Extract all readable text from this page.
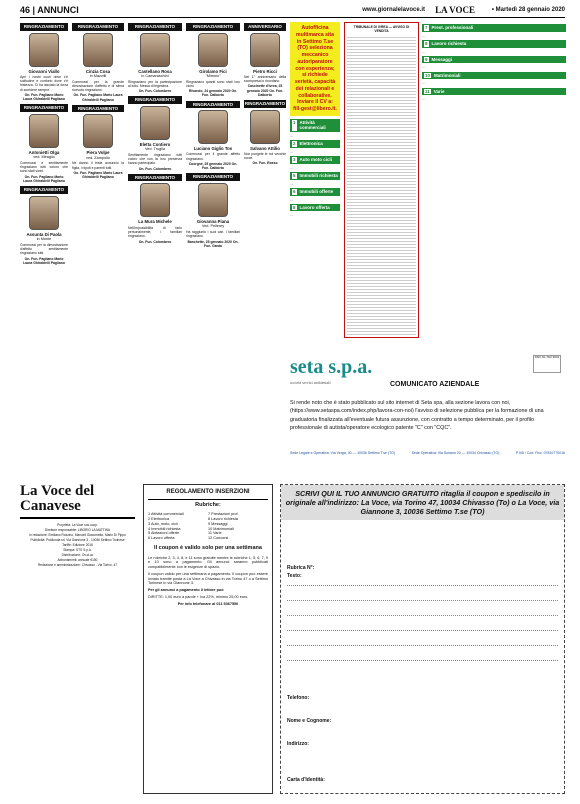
46 | ANNUNCI	www.giornalelavoce.it LA VOCE	• Martedì 28 gennaio 2020
RINGRAZIAMENTO
Giovanni Viallo
Aprì i nostri cuori dove c'è solitudine e conforto dove c'è tristezza. Ci ha lasciato la forza di sorridere sempre.
On. Fun. Pagliano Mario Laura Ghiraldelli Pagliano
RINGRAZIAMENTO
Antonietti Olga
ved. Miraglio
Commossi e sentitamente ringraziano tutti coloro che sono stati vicini.
On. Fun. Pagliano Mario Laura Ghiraldelli Pagliano
RINGRAZIAMENTO
Assunta Di Paola
in Monte
Commossi per la dimostrazione d'affetto sentitamente ringraziano tutti.
On. Fun. Pagliano Mario Laura Ghiraldelli Pagliano
RINGRAZIAMENTO
Cinzia Cosa
in Mazzilli
Commossi per la grande dimostrazione d'affetto e di stima ricevuta ringraziano.
On. Fun. Pagliano Mario Laura Ghiraldelli Pagliano
RINGRAZIAMENTO
Piera Volpe
ved. Zampollo
Ne danno il triste annuncio la figlia, i nipoti e parenti tutti.
On. Fun. Pagliano Mario Laura Ghiraldelli Pagliano
RINGRAZIAMENTO
Castellano Rosa
in Camaraschini
Ringraziano per la partecipazione al lutto. Messa di trigesima.
On. Fun. Colombero
RINGRAZIAMENTO
Eletta Contiero
Ved. Truglia
Sentitamente ringraziano tutti coloro che con la loro presenza hanno partecipato.
On. Fun. Colombero
RINGRAZIAMENTO
La Mura Michele
Nell'impossibilità di farlo personalmente, i familiari ringraziano.
On. Fun. Colombero
RINGRAZIAMENTO
Girolamo Fici
"Mimmo"
Ringraziano quanti sono stati loro vicini.
Rivarolo, 24 gennaio 2020 On. Fun. Dalborto
RINGRAZIAMENTO
Luciano Giglio Tos
Commossi per il grande affetto ringraziano.
Cuorgnè, 25 gennaio 2020 On. Fun. Dalborto
RINGRAZIAMENTO
Giovanna Piana
Ved. Pellerey
Ha raggiunto i suoi cari. I familiari ringraziano.
Banchette, 25 gennaio 2020 On. Fun. Garda
ANNIVERSARIO
Pietro Ricci
Nel 1° anniversario della scomparsa lo ricordano.
Cascinette d'Ivrea, 25 gennaio 2020 On. Fun. Dalborto
RINGRAZIAMENTO
Salvano Attilio
Non pungete le noi vecchie rocce.
On. Fun. Rosso
Autofficina multimarca sita in Settimo T.se (TO) seleziona meccanico autoriparatore con esperienza; si richiede serietà, capacità dei relazionali e collaborative. Inviare il CV a: fill-gest@libero.it.
1 Attività commerciali
…
2 Elettronica
…
3 Auto moto cicli
…
5 Immobili richiesta
…
6 Immobili offerte
…
8 Lavoro offerta
…
TRIBUNALE DI IVREA — AVVISO DI VENDITA
7 Prest. professionali
…
8 Lavoro richiesta
…
9 Messaggi
…
10 Matrimoniali
…
11 Varie
…
seta s.p.a.
società servizi ambientali
DNV·GL ISO 9001
COMUNICATO AZIENDALE
Si rende noto che è stato pubblicato sul sito internet di Seta spa, alla sezione lavora con noi, (https://www.setaspa.com/index.php/lavora-con-noi) l'avviso di selezione pubblica per la formazione di una graduatoria finalizzata all'eventuale futura assunzione, con contratto a tempo determinato, per il profilo professionale di autista/operatore ecologico patente "C" con "CQC".
Sede Legale e Operativa: Via Verga, 40 — 10036 Settimo T.se (TO)	Sede Operativa: Via Soriano 20 — 10034 Chivasso (TO)	P.IVA / Cod. Fisc. 07810770016
La Voce del Canavese
Proprietà: La Voce soc.coop.
Direttore responsabile: LIBORIO LA MATTINA
In redazione: Emiliano Rozzino, Manuell Giacometto, Mario Di Pippo
Pubblicità: Publionda srl, Via Giannone 3 - 10036 Settimo Torinese
Tariffe: Edizione 2016
Stampa: STS S.p.A.
Distribuzione: Ov.ct.co
Abbonamenti: annuale €150
Redazione e amministrazione: Chivasso - Via Torino, 47
REGOLAMENTO INSERZIONI
Rubriche:
1 Attività commerciali	7 Prestazioni prof.
2 Elettronica	8 Lavoro richiesta
3 Auto, moto, cicli	9 Messaggi
4 Immobili richiesta	10 Matrimoniali
5 Abitazioni offerte	11 Varie
6 Lavoro offerta	12 Concorsi
Il coupon è valido solo per una settimana
Le rubriche 2, 3, 4, 8, e 11 sono gratuite mentre le rubriche 1, 5, 6, 7, 9 e 10 sono a pagamento. Gli annunci saranno pubblicati compatibilmente con le esigenze di spazio.
Il coupon valido per una settimana a pagamento. Il coupon può essere inviato tramite posta a La Voce a Chivasso in via Torino 47 o a Settimo Torinese in via Giannone 3.
Per gli annunci a pagamento il lettore può
DIRITTE: 1,00 euro a parole + Iva 22%, minimo 25,00 euro.
Per info telefonare al 011 5367550
SCRIVI QUI IL TUO ANNUNCIO GRATUITO ritaglia il coupon e spediscilo in originale all'indirizzo: La Voce, via Torino 47, 10034 Chivasso (To) o La Voce, via Giannone 3, 10036 Settimo T.se (TO)
Rubrica N°:
Testo:
Telefono:
Nome e Cognome:
Indirizzo:
Carta d'Identità:
